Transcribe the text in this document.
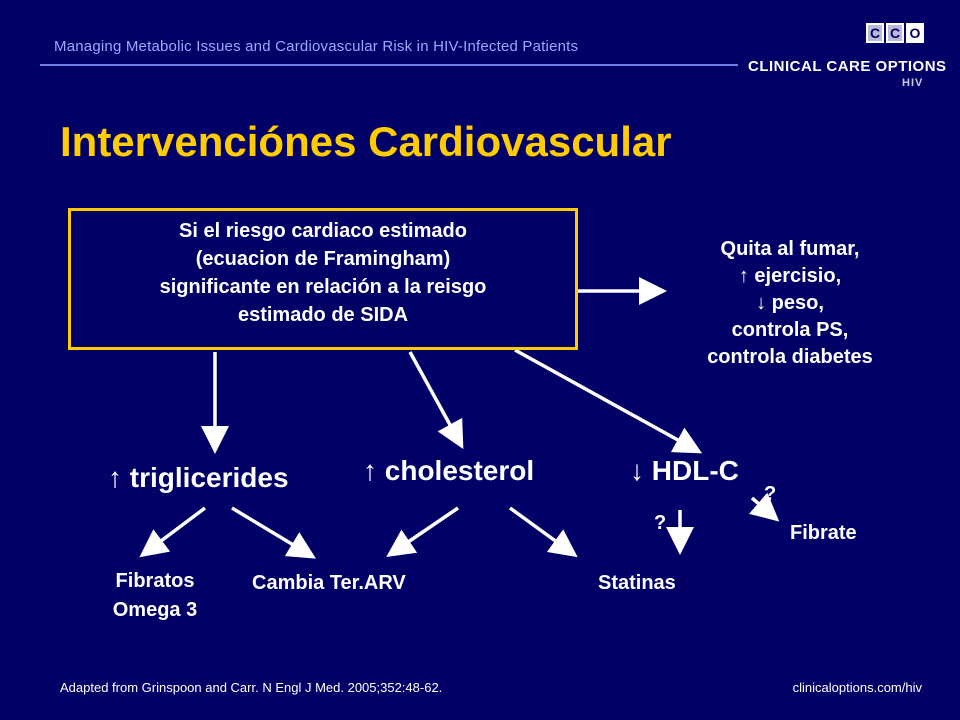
Managing Metabolic Issues and Cardiovascular Risk in HIV-Infected Patients
C C O
CLINICAL CARE OPTIONS
HIV
Intervenciónes Cardiovascular
Si el riesgo cardiaco estimado
(ecuacion de Framingham)
significante en relación a la reisgo
estimado de SIDA
Quita al fumar,
↑ ejercisio,
↓ peso,
controla PS,
controla diabetes
↑ triglicerides	↑ cholesterol	↓ HDL-C
?
?
Fibratos
Omega 3
Cambia Ter.ARV	Statinas
Fibrate
Adapted from Grinspoon and Carr. N Engl J Med. 2005;352:48-62.	clinicaloptions.com/hiv
